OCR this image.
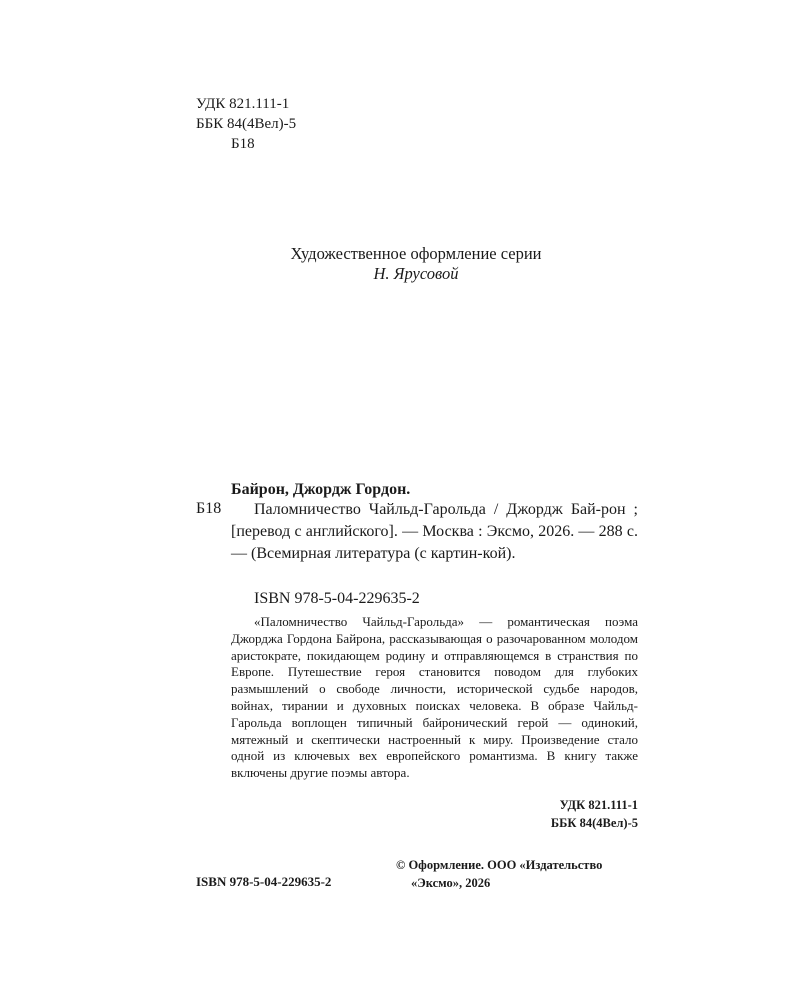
УДК 821.111-1
ББК 84(4Вел)-5
Б18
Художественное оформление серии
Н. Ярусовой
Байрон, Джордж Гордон.
Б18	Паломничество Чайльд-Гарольда / Джордж Бай-рон ; [перевод с английского]. — Москва : Эксмо, 2026. — 288 с. — (Всемирная литература (с картин-кой).

ISBN 978-5-04-229635-2

«Паломничество Чайльд-Гарольда» — романтическая поэма Джорджа Гордона Байрона, рассказывающая о разочарованном молодом аристократе, покидающем родину и отправляющемся в странствия по Европе. Путешествие героя становится поводом для глубоких размышлений о свободе личности, исторической судьбе народов, войнах, тирании и духовных поисках человека. В образе Чайльд-Гарольда воплощен типичный байронический герой — одинокий, мятежный и скептически настроенный к миру. Произведение стало одной из ключевых вех европейского романтизма. В книгу также включены другие поэмы автора.

УДК 821.111-1
ББК 84(4Вел)-5
© Оформление. ООО «Издательство
«Эксмо», 2026
ISBN 978-5-04-229635-2
